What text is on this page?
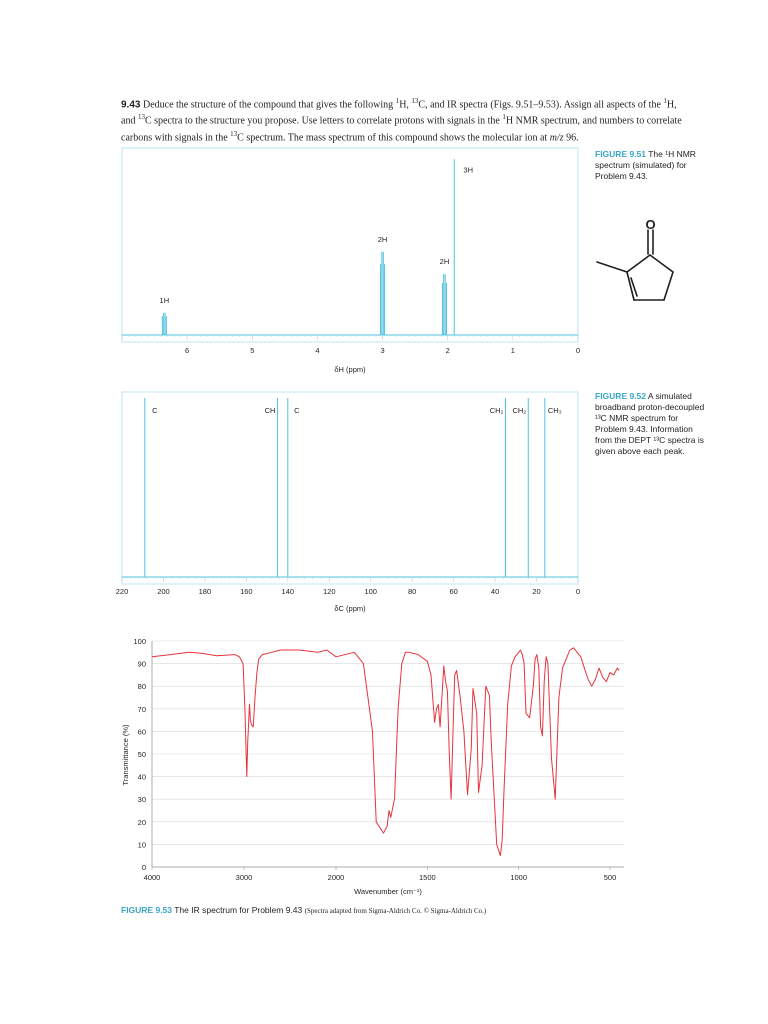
9.43 Deduce the structure of the compound that gives the following $^1$H, $^{13}$C, and IR spectra (Figs. 9.51–9.53). Assign all aspects of the $^1$H, and $^{13}$C spectra to the structure you propose. Use letters to correlate protons with signals in the $^1$H NMR spectrum, and numbers to correlate carbons with signals in the $^{13}$C spectrum. The mass spectrum of this compound shows the molecular ion at m/z 96.

FIGURE 9.51 The ¹H NMR spectrum (simulated) for Problem 9.43.
FIGURE 9.52 A simulated broadband proton-decoupled ¹³C NMR spectrum for Problem 9.43. Information from the DEPT ¹³C spectra is given above each peak.
FIGURE 9.53 The IR spectrum for Problem 9.43 (Spectra adapted from Sigma-Aldrich Co. © Sigma-Aldrich Co.)
6	5	4	3	2	1	0
1H
2H
2H
3H
δH (ppm)
220	200	180	160	140	120	100	80	60	40	20	0
C	CH C	CH₂ CH₂	CH₃
δC (ppm)
O
0
10
20
30
40
50
60
70
80
90
100
4000	3000	2000	1500	1000	500
Wavenumber (cm⁻¹)
Transmittance (%)
